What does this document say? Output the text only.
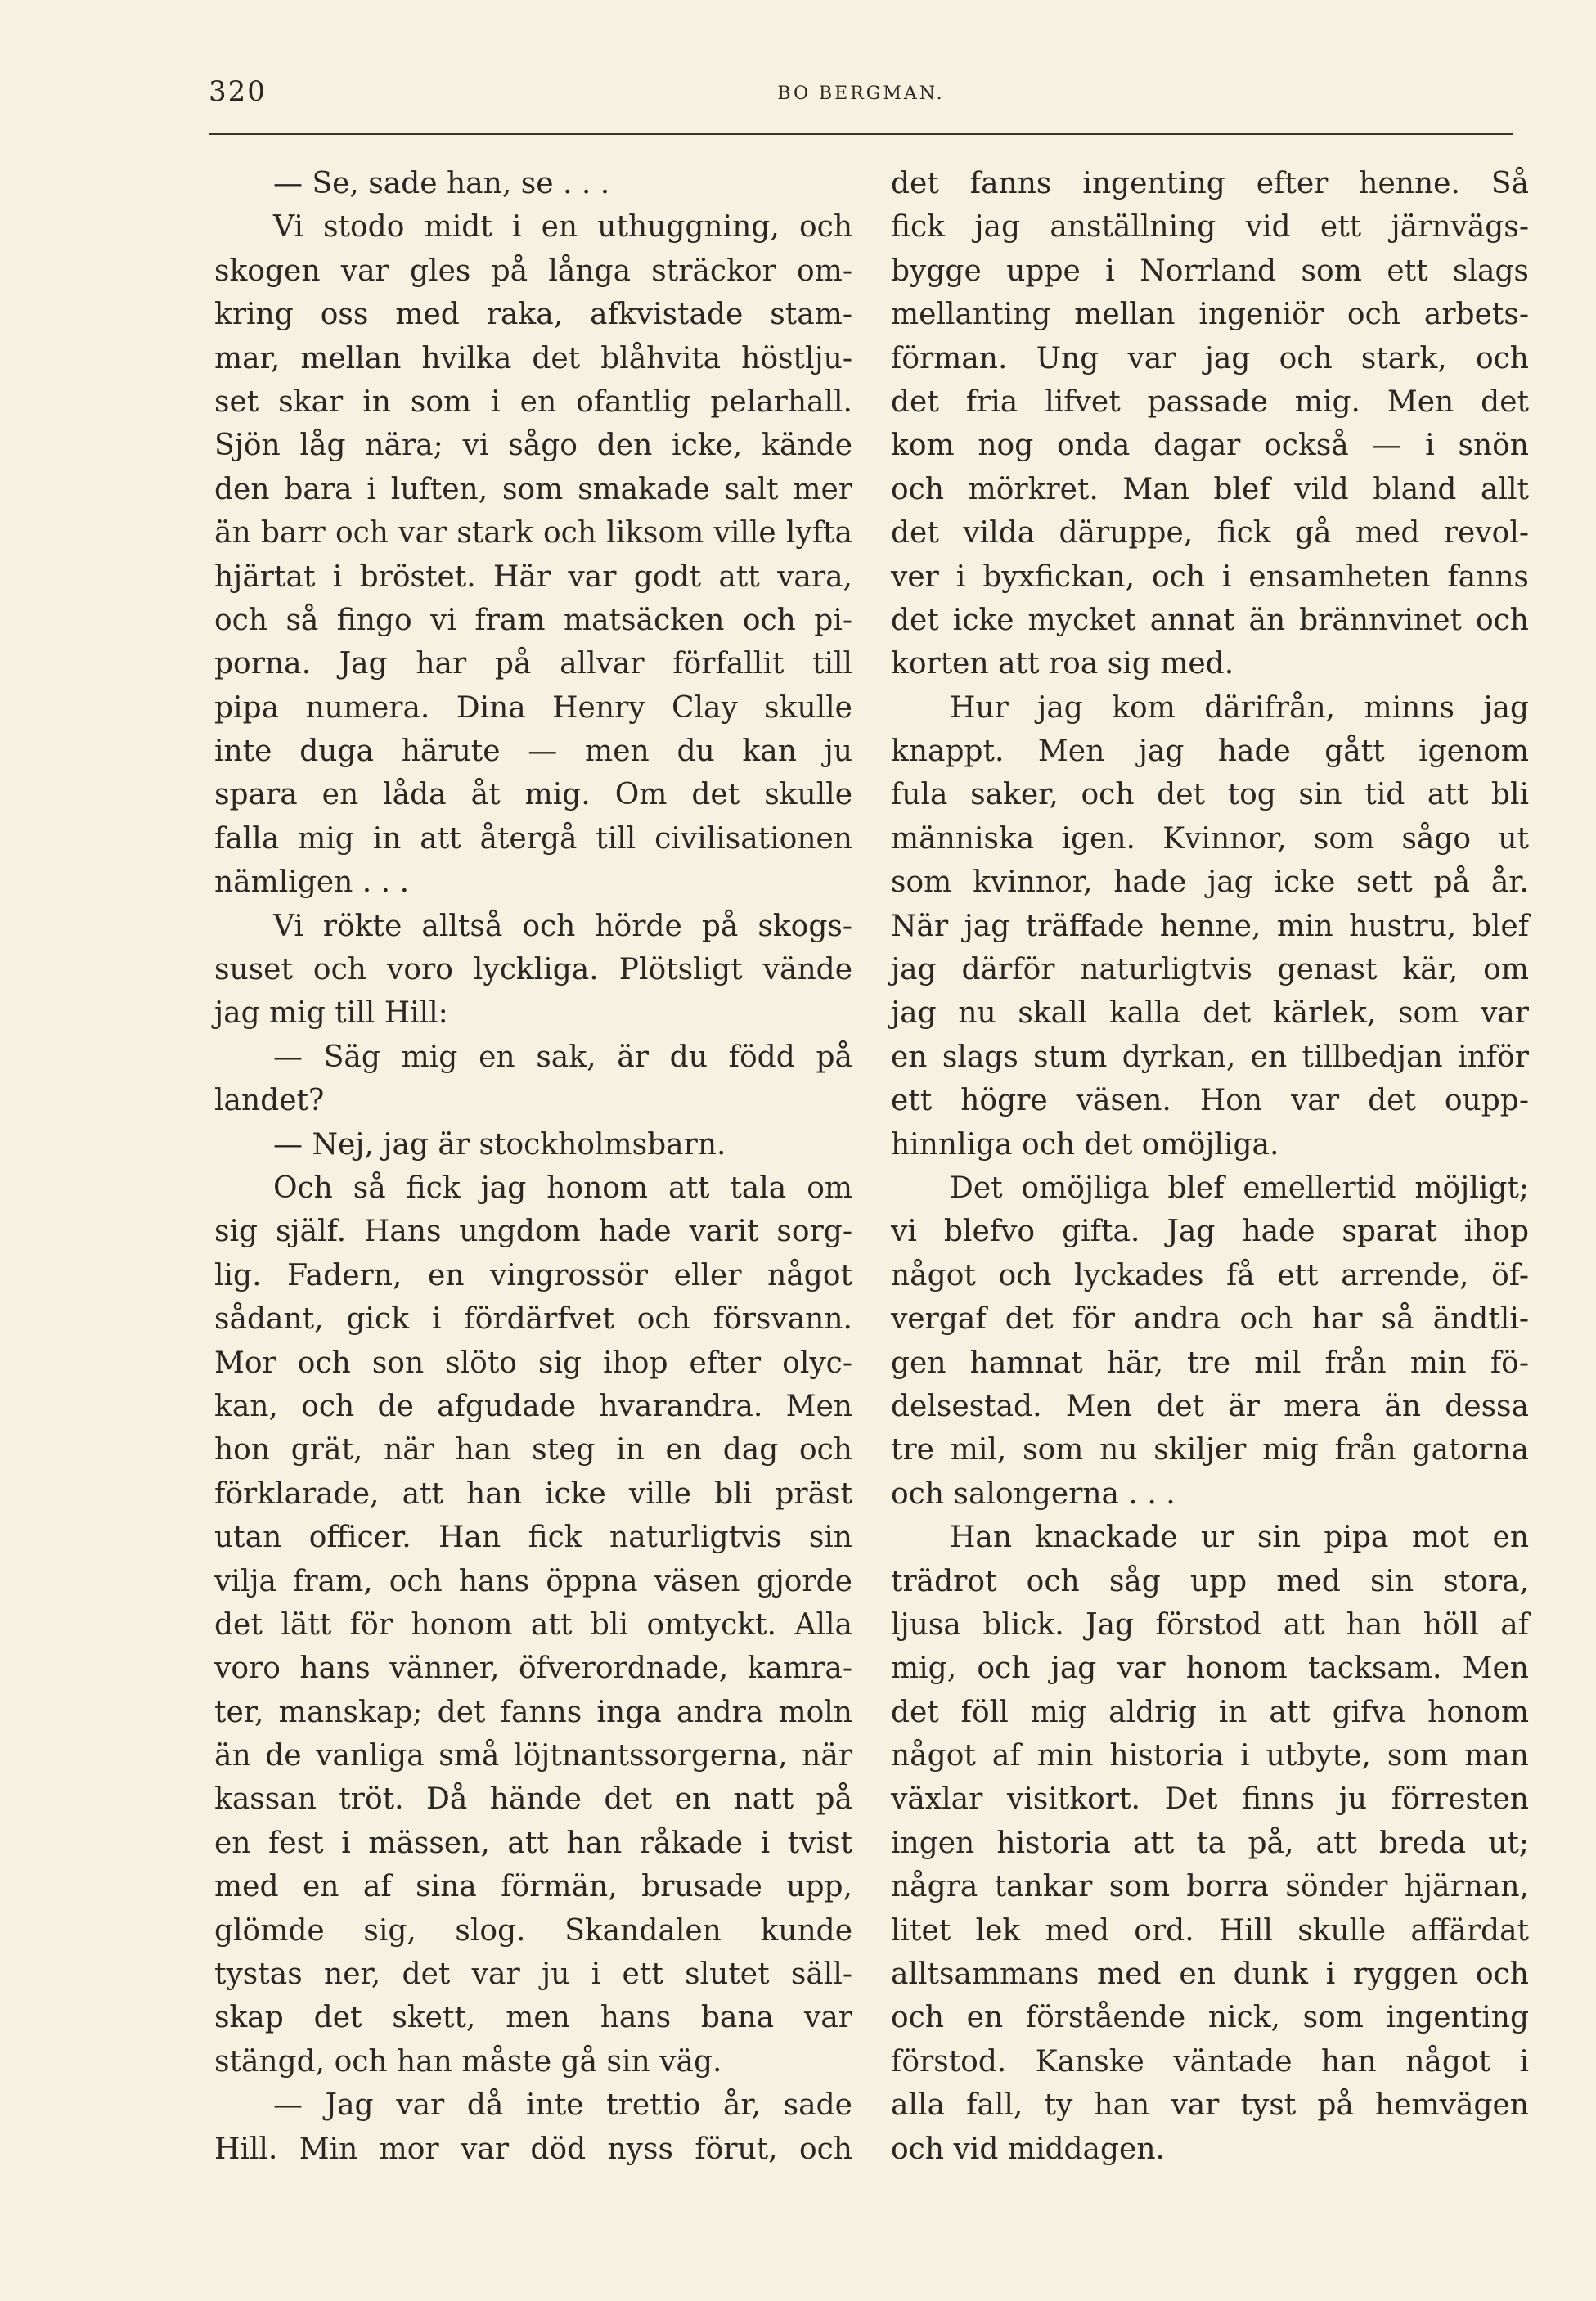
320	BO BERGMAN.
— Se, sade han, se . . .
Vi stodo midt i en uthuggning, och
skogen var gles på långa sträckor om-
kring oss med raka, afkvistade stam-
mar, mellan hvilka det blåhvita höstlju-
set skar in som i en ofantlig pelarhall.
Sjön låg nära; vi sågo den icke, kände
den bara i luften, som smakade salt mer
än barr och var stark och liksom ville lyfta
hjärtat i bröstet. Här var godt att vara,
och så fingo vi fram matsäcken och pi-
porna. Jag har på allvar förfallit till
pipa numera. Dina Henry Clay skulle
inte duga härute — men du kan ju
spara en låda åt mig. Om det skulle
falla mig in att återgå till civilisationen
nämligen . . .
Vi rökte alltså och hörde på skogs-
suset och voro lyckliga. Plötsligt vände
jag mig till Hill:
— Säg mig en sak, är du född på
landet?
— Nej, jag är stockholmsbarn.
Och så fick jag honom att tala om
sig själf. Hans ungdom hade varit sorg-
lig. Fadern, en vingrossör eller något
sådant, gick i fördärfvet och försvann.
Mor och son slöto sig ihop efter olyc-
kan, och de afgudade hvarandra. Men
hon grät, när han steg in en dag och
förklarade, att han icke ville bli präst
utan officer. Han fick naturligtvis sin
vilja fram, och hans öppna väsen gjorde
det lätt för honom att bli omtyckt. Alla
voro hans vänner, öfverordnade, kamra-
ter, manskap; det fanns inga andra moln
än de vanliga små löjtnantssorgerna, när
kassan tröt. Då hände det en natt på
en fest i mässen, att han råkade i tvist
med en af sina förmän, brusade upp,
glömde sig, slog. Skandalen kunde
tystas ner, det var ju i ett slutet säll-
skap det skett, men hans bana var
stängd, och han måste gå sin väg.
— Jag var då inte trettio år, sade
Hill. Min mor var död nyss förut, och
det fanns ingenting efter henne. Så
fick jag anställning vid ett järnvägs-
bygge uppe i Norrland som ett slags
mellanting mellan ingeniör och arbets-
förman. Ung var jag och stark, och
det fria lifvet passade mig. Men det
kom nog onda dagar också — i snön
och mörkret. Man blef vild bland allt
det vilda däruppe, fick gå med revol-
ver i byxfickan, och i ensamheten fanns
det icke mycket annat än brännvinet och
korten att roa sig med.
Hur jag kom därifrån, minns jag
knappt. Men jag hade gått igenom
fula saker, och det tog sin tid att bli
människa igen. Kvinnor, som sågo ut
som kvinnor, hade jag icke sett på år.
När jag träffade henne, min hustru, blef
jag därför naturligtvis genast kär, om
jag nu skall kalla det kärlek, som var
en slags stum dyrkan, en tillbedjan inför
ett högre väsen. Hon var det oupp-
hinnliga och det omöjliga.
Det omöjliga blef emellertid möjligt;
vi blefvo gifta. Jag hade sparat ihop
något och lyckades få ett arrende, öf-
vergaf det för andra och har så ändtli-
gen hamnat här, tre mil från min fö-
delsestad. Men det är mera än dessa
tre mil, som nu skiljer mig från gatorna
och salongerna . . .
Han knackade ur sin pipa mot en
trädrot och såg upp med sin stora,
ljusa blick. Jag förstod att han höll af
mig, och jag var honom tacksam. Men
det föll mig aldrig in att gifva honom
något af min historia i utbyte, som man
växlar visitkort. Det finns ju förresten
ingen historia att ta på, att breda ut;
några tankar som borra sönder hjärnan,
litet lek med ord. Hill skulle affärdat
alltsammans med en dunk i ryggen och
och en förstående nick, som ingenting
förstod. Kanske väntade han något i
alla fall, ty han var tyst på hemvägen
och vid middagen.
